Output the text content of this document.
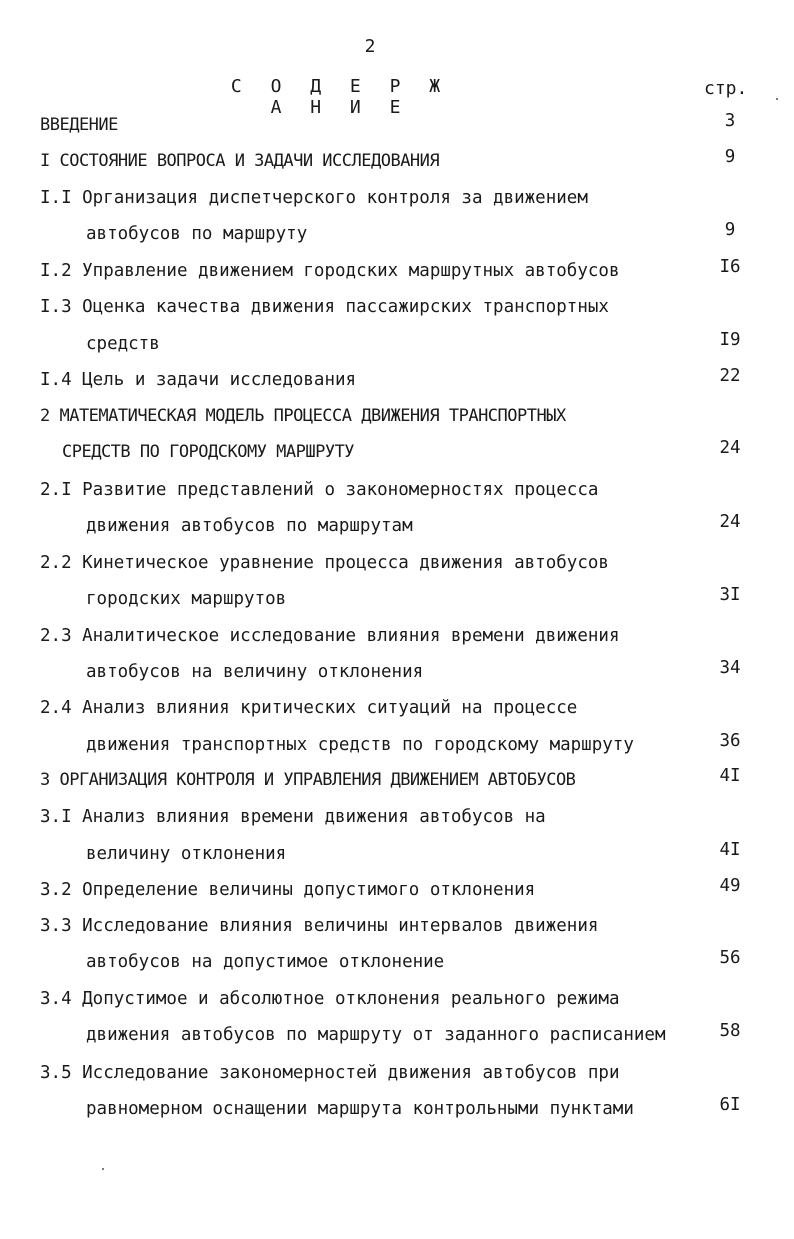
2
С О Д Е Р Ж А Н И Е
стр.
ВВЕДЕНИЕ	3
I СОСТОЯНИЕ ВОПРОСА И ЗАДАЧИ ИССЛЕДОВАНИЯ	9
I.I Организация диспетчерского контроля за движением
автобусов по маршруту	9
I.2 Управление движением городских маршрутных автобусов	I6
I.3 Оценка качества движения пассажирских транспортных
средств	I9
I.4 Цель и задачи исследования	22
2 МАТЕМАТИЧЕСКАЯ МОДЕЛЬ ПРОЦЕССА ДВИЖЕНИЯ ТРАНСПОРТНЫХ
СРЕДСТВ ПО ГОРОДСКОМУ МАРШРУТУ	24
2.I Развитие представлений о закономерностях процесса
движения автобусов по маршрутам	24
2.2 Кинетическое уравнение процесса движения автобусов
городских маршрутов	3I
2.3 Аналитическое исследование влияния времени движения
автобусов на величину отклонения	34
2.4 Анализ влияния критических ситуаций на процессе
движения транспортных средств по городскому маршруту	36
3 ОРГАНИЗАЦИЯ КОНТРОЛЯ И УПРАВЛЕНИЯ ДВИЖЕНИЕМ АВТОБУСОВ	4I
3.I Анализ влияния времени движения автобусов на
величину отклонения	4I
3.2 Определение величины допустимого отклонения	49
3.3 Исследование влияния величины интервалов движения
автобусов на допустимое отклонение	56
3.4 Допустимое и абсолютное отклонения реального режима
движения автобусов по маршруту от заданного расписанием	58
3.5 Исследование закономерностей движения автобусов при
равномерном оснащении маршрута контрольными пунктами	6I
